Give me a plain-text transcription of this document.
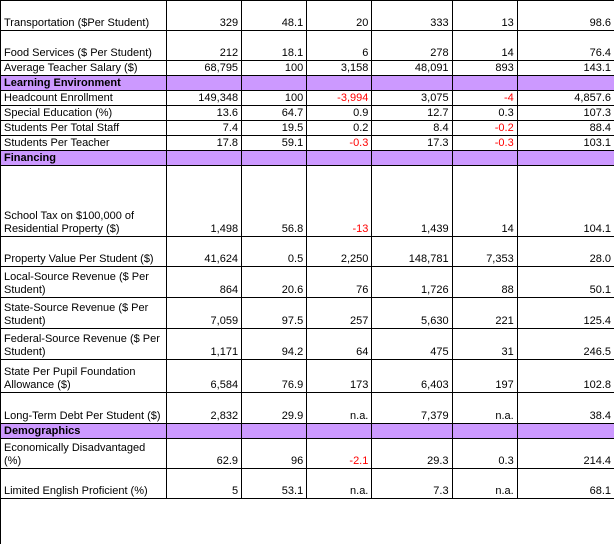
Transportation ($Per Student)	329	48.1	20	333	13	98.6
Food Services ($ Per Student)	212	18.1	6	278	14	76.4
Average Teacher Salary ($)	68,795	100	3,158	48,091	893	143.1
Learning Environment						
Headcount Enrollment	149,348	100	-3,994	3,075	-4	4,857.6
Special Education (%)	13.6	64.7	0.9	12.7	0.3	107.3
Students Per Total Staff	7.4	19.5	0.2	8.4	-0.2	88.4
Students Per Teacher	17.8	59.1	-0.3	17.3	-0.3	103.1
Financing						
School Tax on $100,000 of Residential Property ($)	1,498	56.8	-13	1,439	14	104.1
Property Value Per Student ($)	41,624	0.5	2,250	148,781	7,353	28.0
Local-Source Revenue ($ Per Student)	864	20.6	76	1,726	88	50.1
State-Source Revenue ($ Per Student)	7,059	97.5	257	5,630	221	125.4
Federal-Source Revenue ($ Per Student)	1,171	94.2	64	475	31	246.5
State Per Pupil Foundation Allowance ($)	6,584	76.9	173	6,403	197	102.8
Long-Term Debt Per Student ($)	2,832	29.9	n.a.	7,379	n.a.	38.4
Demographics						
Economically Disadvantaged (%)	62.9	96	-2.1	29.3	0.3	214.4
Limited English Proficient (%)	5	53.1	n.a.	7.3	n.a.	68.1
